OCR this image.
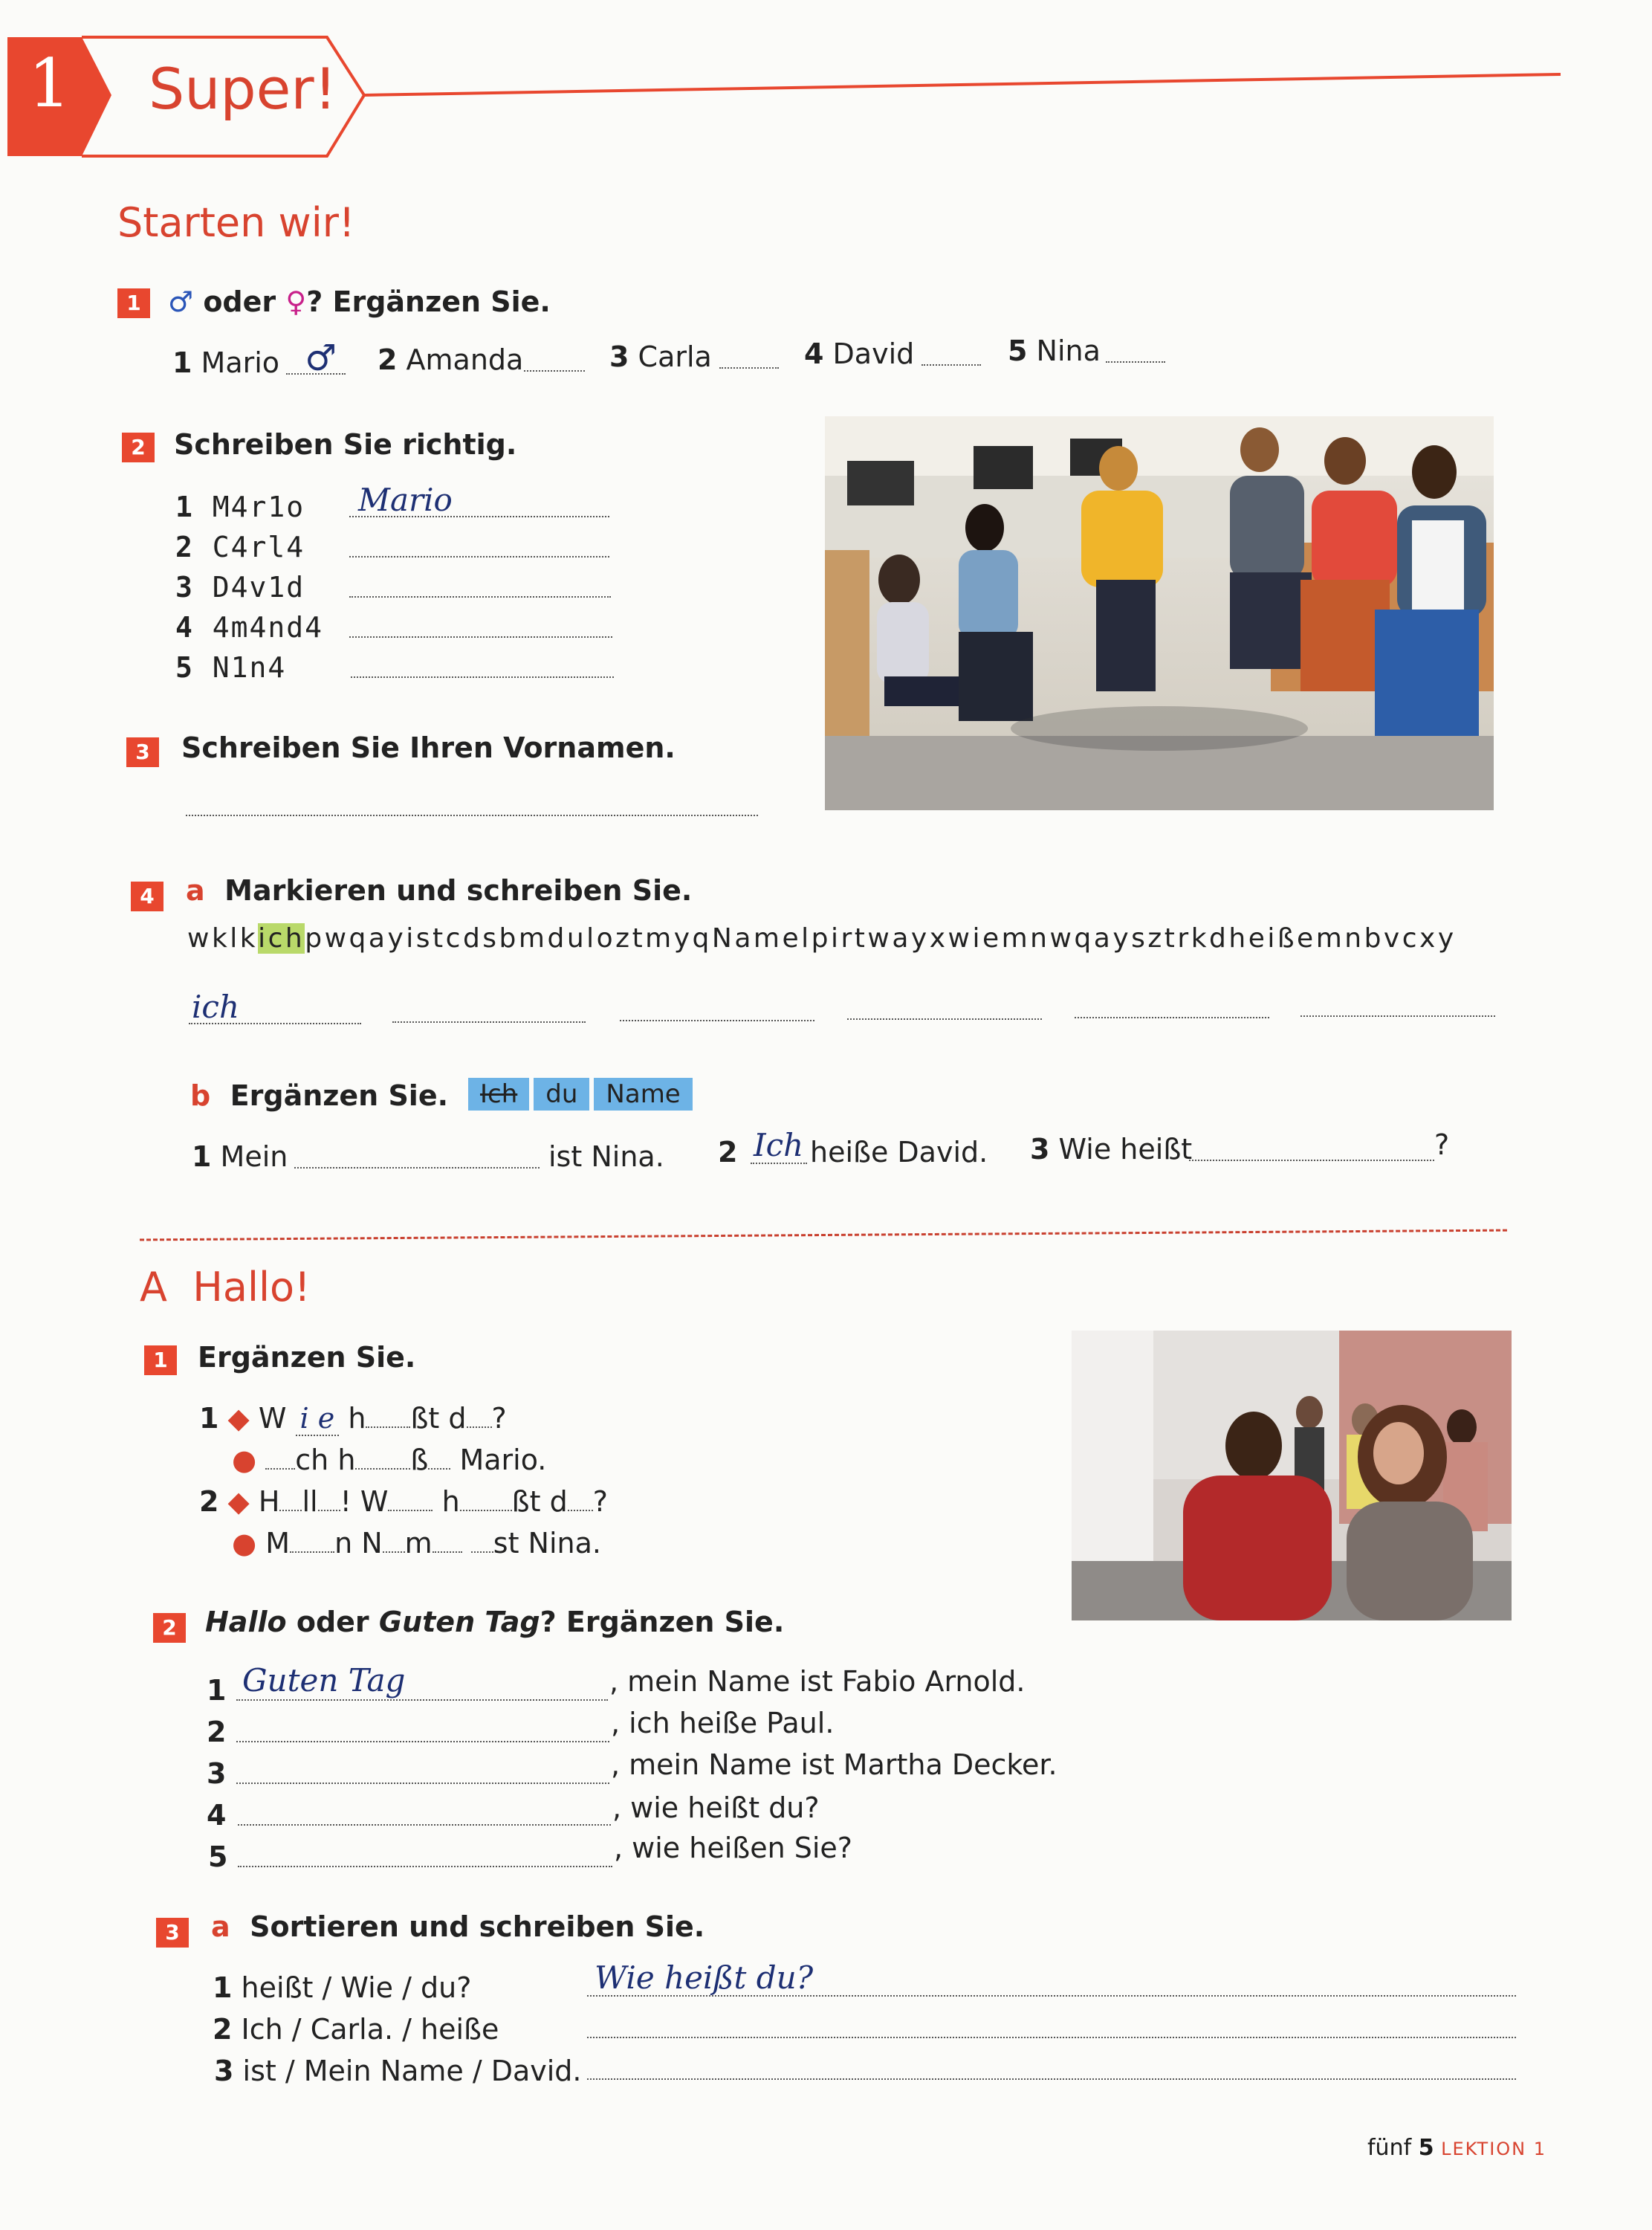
1 Super!
Starten wir!
1 ♂ oder ♀? Ergänzen Sie.
1 Mario ♂ 2 Amanda	3 Carla	4 David	5 Nina
2	Schreiben Sie richtig.
1 M4r1o Mario
2 C4rl4
3 D4v1d
4 4m4nd4
5 N1n4
3	Schreiben Sie Ihren Vornamen.
4	a Markieren und schreiben Sie.
wklkichpwqayistcdsbmduloztmyqNamelpirtwayxwiemnwqaysztrkdheißemnbvcxy
ich
b Ergänzen Sie.	Ich du Name
1 Mein	ist Nina. 2 Ich heiße David. 3 Wie heißt	?
A Hallo!
1	Ergänzen Sie.
1 ◆ W i e h ßt d ?
● ch h ß Mario.
2 ◆ H ll ! W h ßt d ?
● M n N m st Nina.
2	Hallo oder Guten Tag? Ergänzen Sie.
1 Guten Tag	, mein Name ist Fabio Arnold.
2	, ich heiße Paul.
3	, mein Name ist Martha Decker.
4	, wie heißt du?
5	, wie heißen Sie?
3	a Sortieren und schreiben Sie.
1 heißt / Wie / du?	Wie heißt du?
2 Ich / Carla. / heiße
3 ist / Mein Name / David.
fünf 5 LEKTION 1
